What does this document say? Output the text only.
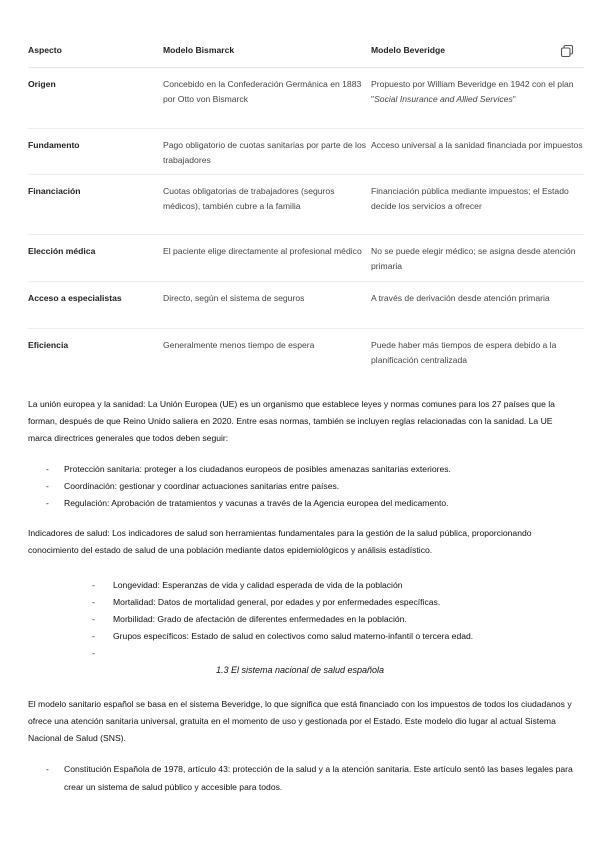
Aspecto	Modelo Bismarck	Modelo Beveridge
Origen	Concebido en la Confederación Germánica en 1883 por Otto von Bismarck	Propuesto por William Beveridge en 1942 con el plan "Social Insurance and Allied Services"
Fundamento	Pago obligatorio de cuotas sanitarias por parte de los trabajadores	Acceso universal a la sanidad financiada por impuestos
Financiación	Cuotas obligatorias de trabajadores (seguros médicos), también cubre a la familia	Financiación pública mediante impuestos; el Estado decide los servicios a ofrecer
Elección médica	El paciente elige directamente al profesional médico	No se puede elegir médico; se asigna desde atención primaria
Acceso a especialistas	Directo, según el sistema de seguros	A través de derivación desde atención primaria
Eficiencia	Generalmente menos tiempo de espera	Puede haber más tiempos de espera debido a la planificación centralizada
La unión europea y la sanidad: La Unión Europea (UE) es un organismo que establece leyes y normas comunes para los 27 países que la forman, después de que Reino Unido saliera en 2020. Entre esas normas, también se incluyen reglas relacionadas con la sanidad. La UE marca directrices generales que todos deben seguir:
- Protección sanitaria: proteger a los ciudadanos europeos de posibles amenazas sanitarias exteriores.
- Coordinación: gestionar y coordinar actuaciones sanitarias entre países.
- Regulación: Aprobación de tratamientos y vacunas a través de la Agencia europea del medicamento.
Indicadores de salud: Los indicadores de salud son herramientas fundamentales para la gestión de la salud pública, proporcionando conocimiento del estado de salud de una población mediante datos epidemiológicos y análisis estadístico.
- Longevidad: Esperanzas de vida y calidad esperada de vida de la población
- Mortalidad: Datos de mortalidad general, por edades y por enfermedades específicas.
- Morbilidad: Grado de afectación de diferentes enfermedades en la población.
- Grupos específicos: Estado de salud en colectivos como salud materno-infantil o tercera edad.
-
1.3 El sistema nacional de salud española
El modelo sanitario español se basa en el sistema Beveridge, lo que significa que está financiado con los impuestos de todos los ciudadanos y ofrece una atención sanitaria universal, gratuita en el momento de uso y gestionada por el Estado. Este modelo dio lugar al actual Sistema Nacional de Salud (SNS).
- Constitución Española de 1978, artículo 43: protección de la salud y a la atención sanitaria. Este artículo sentó las bases legales para crear un sistema de salud público y accesible para todos.
